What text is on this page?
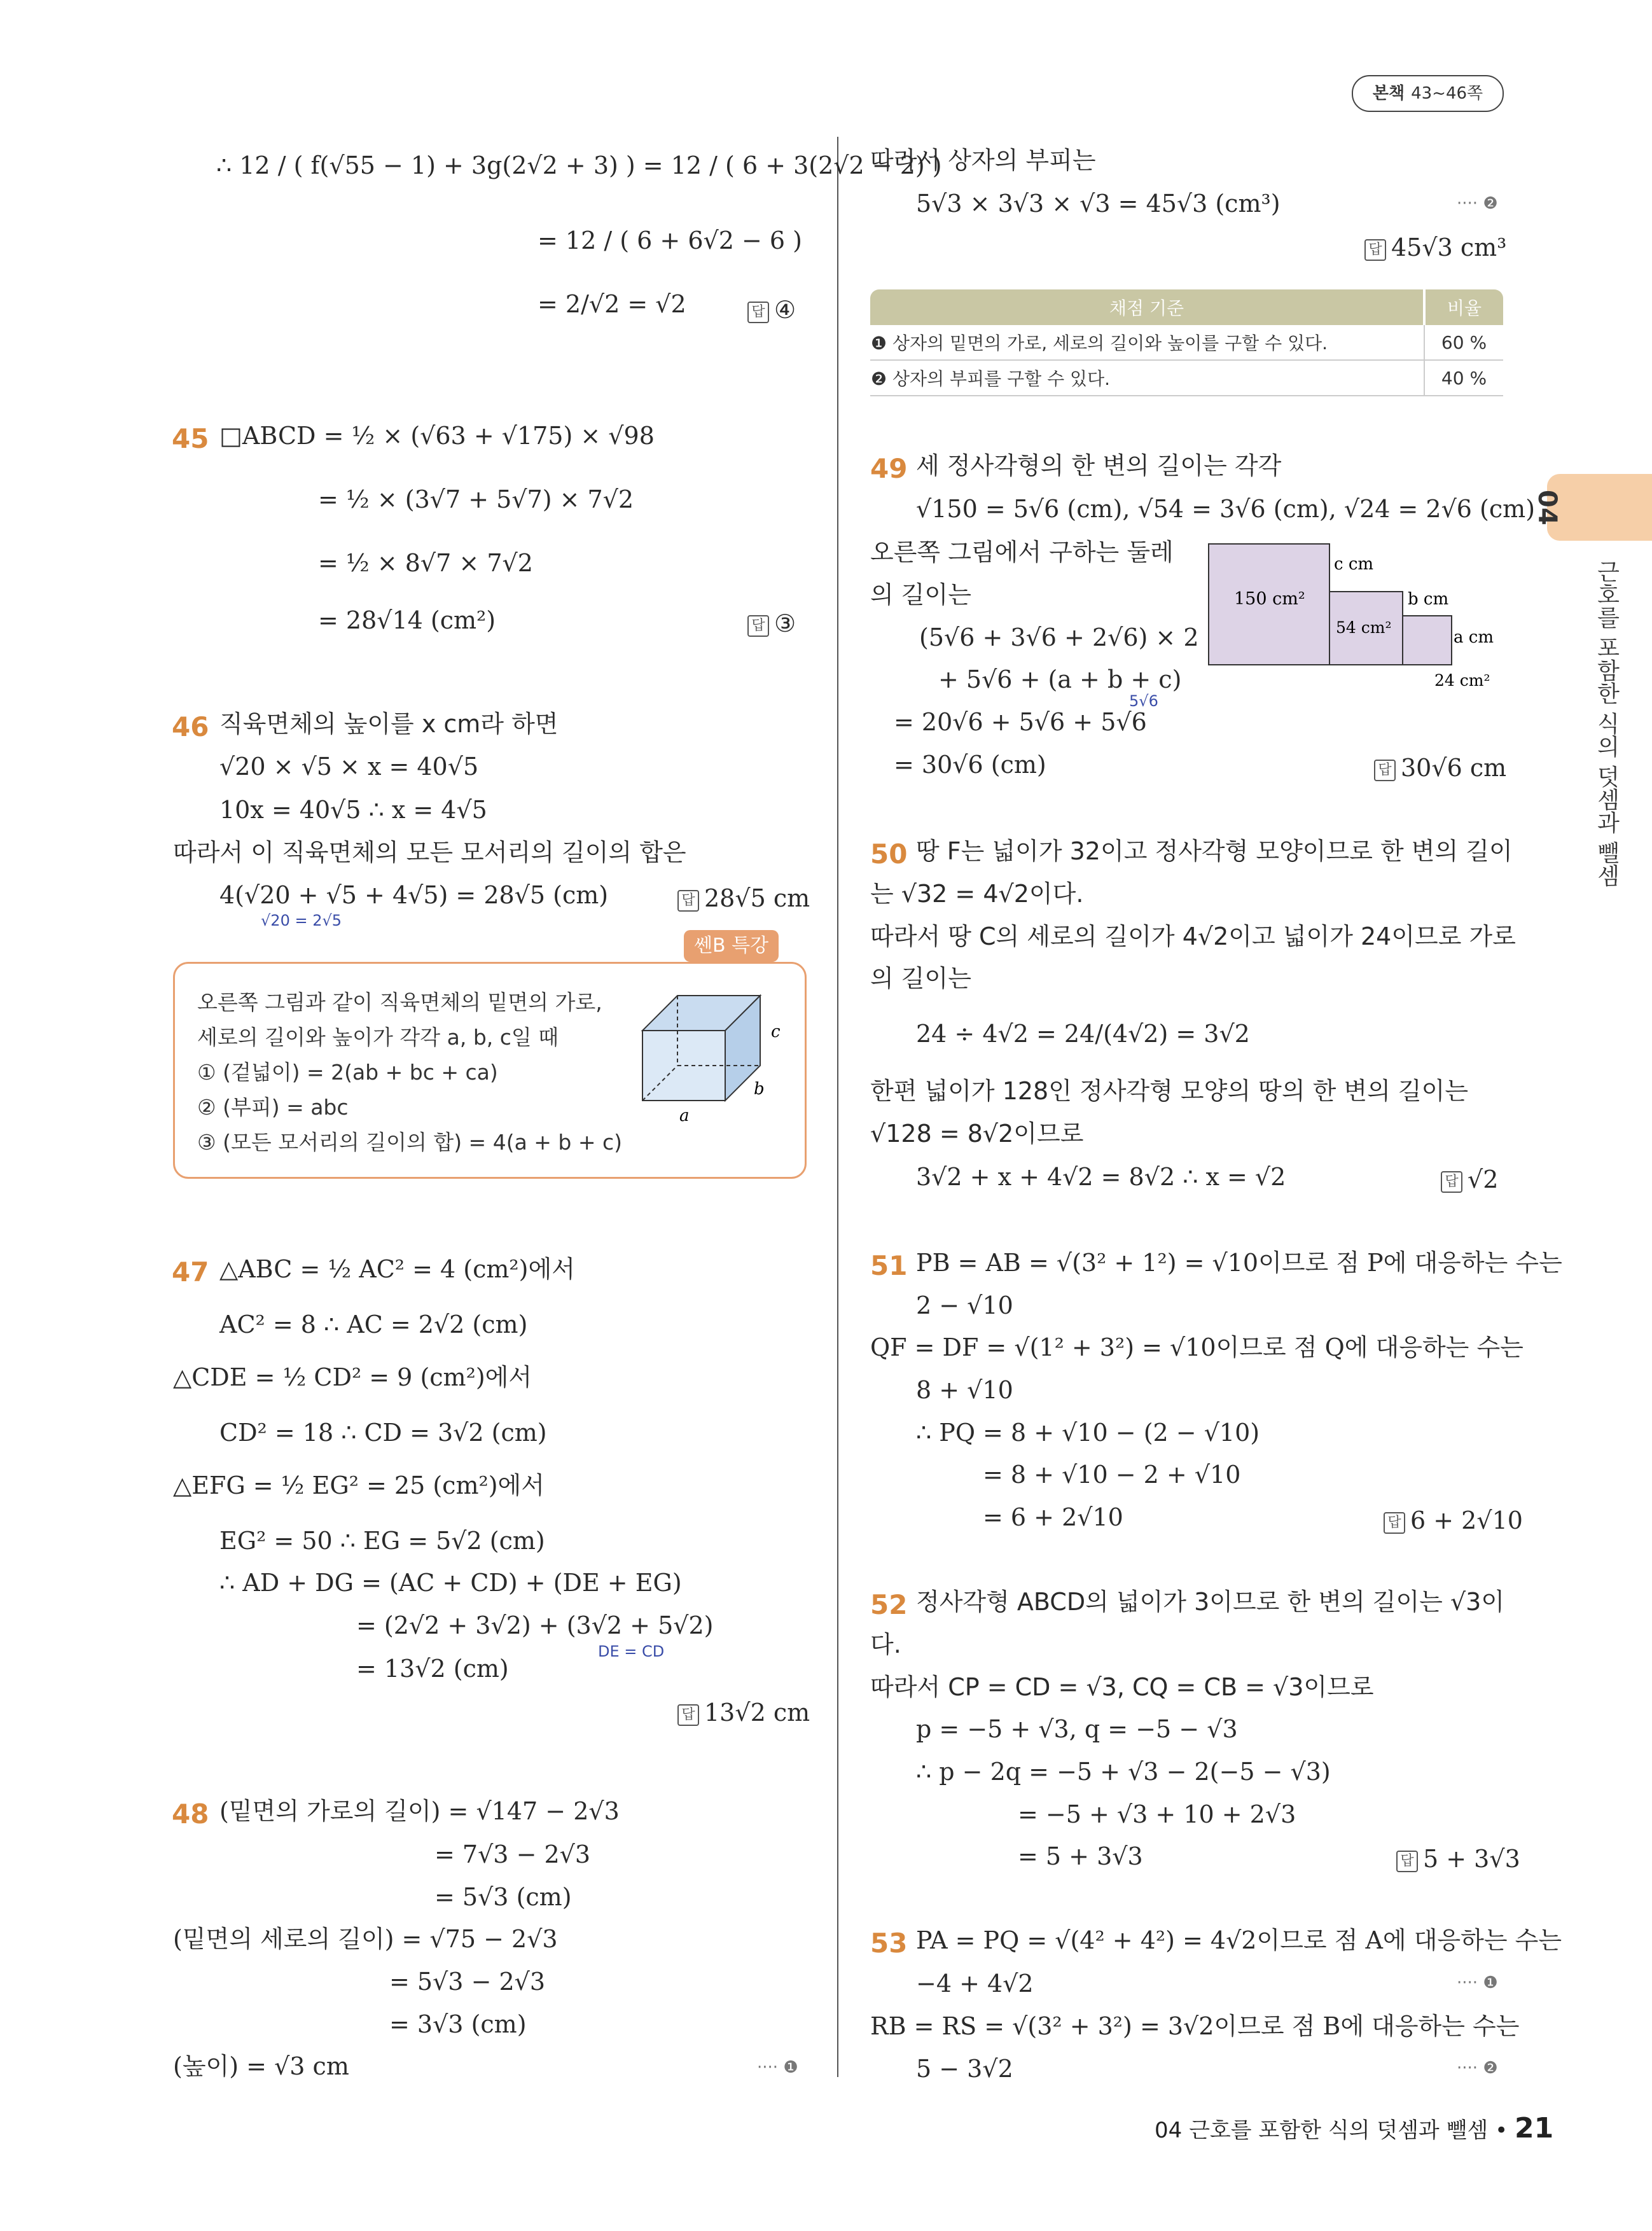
본책 43~46쪽
04
근호를 포함한 식의 덧셈과 뺄셈
∴ 12 / ( f(√55 − 1) + 3g(2√2 + 3) ) = 12 / ( 6 + 3(2√2 − 2) )
= 12 / ( 6 + 6√2 − 6 )
= 2/√2 = √2	답 ④
45 □ABCD = ½ × (√63 + √175) × √98
= ½ × (3√7 + 5√7) × 7√2
= ½ × 8√7 × 7√2
= 28√14 (cm²)	답 ③
46 직육면체의 높이를 x cm라 하면
√20 × √5 × x = 40√5
10x = 40√5 ∴ x = 4√5
따라서 이 직육면체의 모든 모서리의 길이의 합은
4(√20 + √5 + 4√5) = 28√5 (cm)
√20 = 2√5
답 28√5 cm
쎈B 특강
오른쪽 그림과 같이 직육면체의 밑면의 가로,
세로의 길이와 높이가 각각 a, b, c일 때
① (겉넓이) = 2(ab + bc + ca)
② (부피) = abc
③ (모든 모서리의 길이의 합) = 4(a + b + c)
a
b
c
47 △ABC = ½ AC² = 4 (cm²)에서
AC² = 8 ∴ AC = 2√2 (cm)
△CDE = ½ CD² = 9 (cm²)에서
CD² = 18 ∴ CD = 3√2 (cm)
△EFG = ½ EG² = 25 (cm²)에서
EG² = 50 ∴ EG = 5√2 (cm)
∴ AD + DG = (AC + CD) + (DE + EG)
= (2√2 + 3√2) + (3√2 + 5√2)
DE = CD
= 13√2 (cm)
답 13√2 cm
48 (밑면의 가로의 길이) = √147 − 2√3
= 7√3 − 2√3
= 5√3 (cm)
(밑면의 세로의 길이) = √75 − 2√3
= 5√3 − 2√3
= 3√3 (cm)
(높이) = √3 cm	···· ❶
따라서 상자의 부피는
5√3 × 3√3 × √3 = 45√3 (cm³)	···· ❷
답 45√3 cm³
채점 기준	비율
❶ 상자의 밑면의 가로, 세로의 길이와 높이를 구할 수 있다.	60 %
❷ 상자의 부피를 구할 수 있다.	40 %
49 세 정사각형의 한 변의 길이는 각각
√150 = 5√6 (cm), √54 = 3√6 (cm), √24 = 2√6 (cm)
오른쪽 그림에서 구하는 둘레
의 길이는
(5√6 + 3√6 + 2√6) × 2
+ 5√6 + (a + b + c)
5√6
= 20√6 + 5√6 + 5√6
= 30√6 (cm)	답 30√6 cm
150 cm²
54 cm²
24 cm²
c cm
b cm
a cm
50 땅 F는 넓이가 32이고 정사각형 모양이므로 한 변의 길이
는 √32 = 4√2이다.
따라서 땅 C의 세로의 길이가 4√2이고 넓이가 24이므로 가로
의 길이는
24 ÷ 4√2 = 24/(4√2) = 3√2
한편 넓이가 128인 정사각형 모양의 땅의 한 변의 길이는
√128 = 8√2이므로
3√2 + x + 4√2 = 8√2 ∴ x = √2	답 √2
51 PB = AB = √(3² + 1²) = √10이므로 점 P에 대응하는 수는
2 − √10
QF = DF = √(1² + 3²) = √10이므로 점 Q에 대응하는 수는
8 + √10
∴ PQ = 8 + √10 − (2 − √10)
= 8 + √10 − 2 + √10
= 6 + 2√10	답 6 + 2√10
52 정사각형 ABCD의 넓이가 3이므로 한 변의 길이는 √3이
다.
따라서 CP = CD = √3, CQ = CB = √3이므로
p = −5 + √3, q = −5 − √3
∴ p − 2q = −5 + √3 − 2(−5 − √3)
= −5 + √3 + 10 + 2√3
= 5 + 3√3	답 5 + 3√3
53 PA = PQ = √(4² + 4²) = 4√2이므로 점 A에 대응하는 수는
−4 + 4√2	···· ❶
RB = RS = √(3² + 3²) = 3√2이므로 점 B에 대응하는 수는
5 − 3√2	···· ❷
04 근호를 포함한 식의 덧셈과 뺄셈 • 21
